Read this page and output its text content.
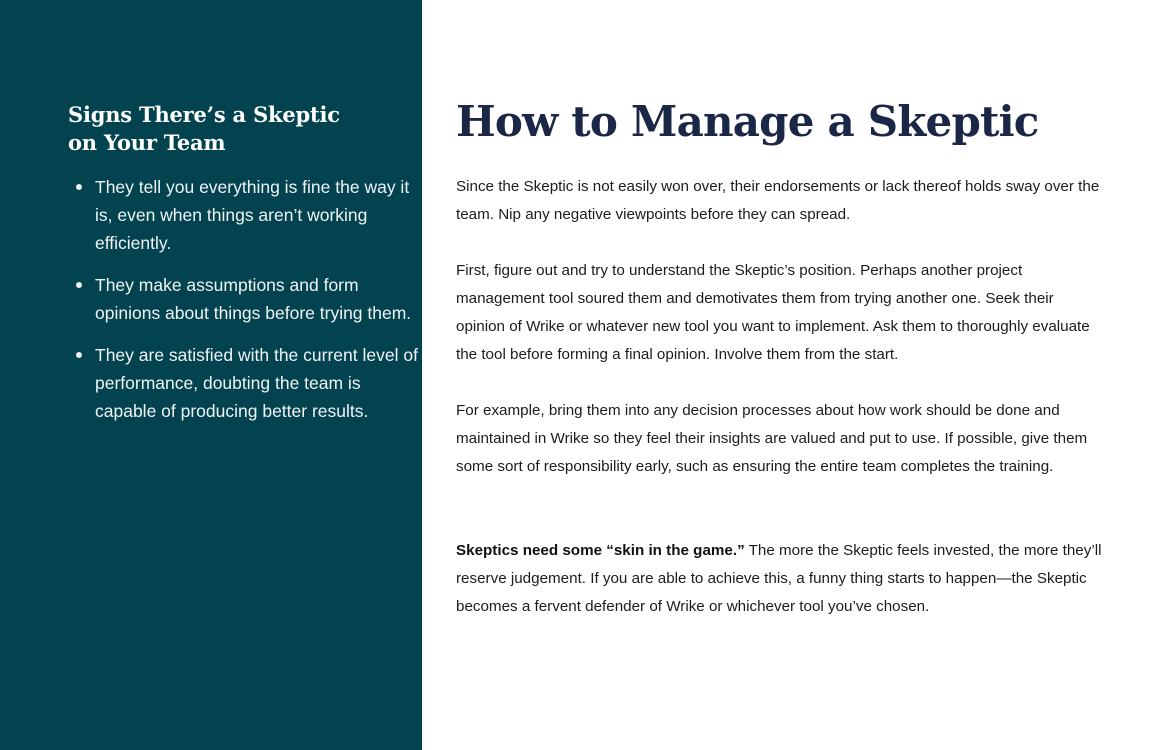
Signs There’s a Skeptic
on Your Team
They tell you everything is fine the way it is, even when things aren’t working efficiently.
They make assumptions and form opinions about things before trying them.
They are satisfied with the current level of performance, doubting the team is capable of producing better results.
How to Manage a Skeptic

Since the Skeptic is not easily won over, their endorsements or lack thereof holds sway over the team. Nip any negative viewpoints before they can spread.

First, figure out and try to understand the Skeptic’s position. Perhaps another project management tool soured them and demotivates them from trying another one. Seek their opinion of Wrike or whatever new tool you want to implement. Ask them to thoroughly evaluate the tool before forming a final opinion. Involve them from the start.

For example, bring them into any decision processes about how work should be done and maintained in Wrike so they feel their insights are valued and put to use. If possible, give them some sort of responsibility early, such as ensuring the entire team completes the training.

Skeptics need some “skin in the game.” The more the Skeptic feels invested, the more they’ll reserve judgement. If you are able to achieve this, a funny thing starts to happen—the Skeptic becomes a fervent defender of Wrike or whichever tool you’ve chosen.
